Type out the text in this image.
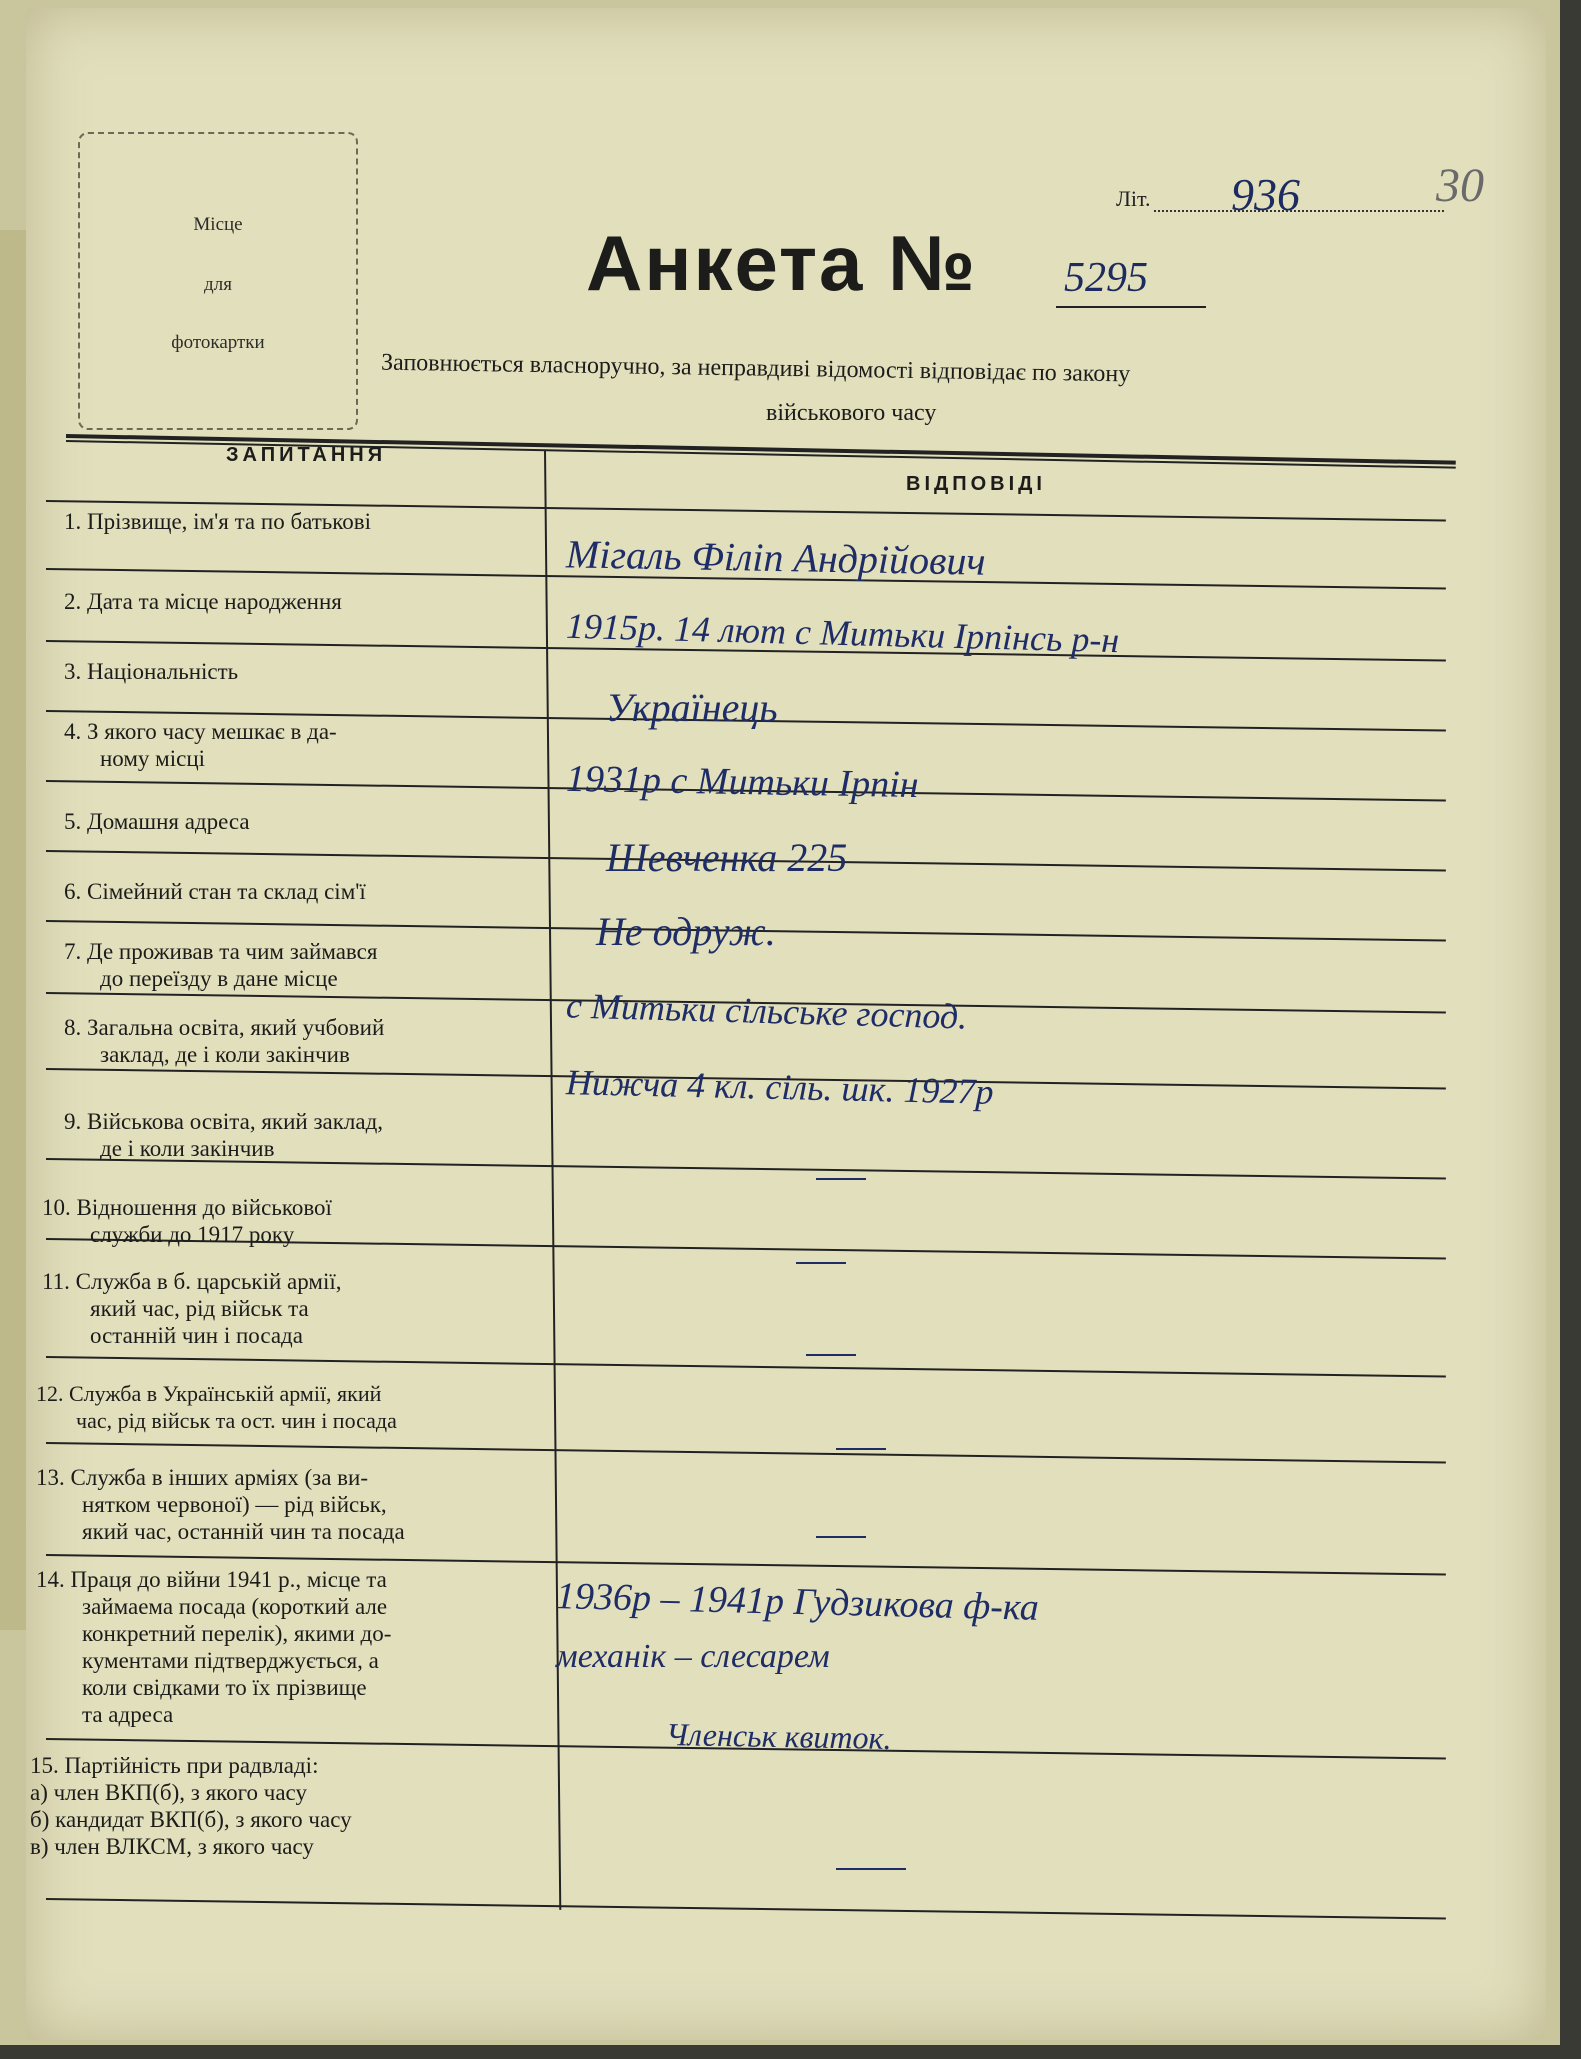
Місце
для
фотокартки
Літ. 936	30
Анкета № 5295
Заповнюється власноручно, за неправдиві відомості відповідає по закону
військового часу
ЗАПИТАННЯ
ВІДПОВІДІ
1. Прізвище, ім'я та по батькові
2. Дата та місце народження
3. Національність
4. З якого часу мешкає в да-
ному місці
5. Домашня адреса
6. Сімейний стан та склад сім'ї
7. Де проживав та чим займався
до переїзду в дане місце
8. Загальна освіта, який учбовий
заклад, де і коли закінчив
9. Військова освіта, який заклад,
де і коли закінчив
10. Відношення до військової
служби до 1917 року
11. Служба в б. царській армії,
який час, рід військ та
останній чин і посада
12. Служба в Українській армії, який
час, рід військ та ост. чин і посада
13. Служба в інших арміях (за ви-
нятком червоної) — рід військ,
який час, останній чин та посада
14. Праця до війни 1941 р., місце та
займаема посада (короткий але
конкретний перелік), якими до-
кументами підтверджується, а
коли свідками то їх прізвище
та адреса
15. Партійність при радвладі:
а) член ВКП(б), з якого часу
б) кандидат ВКП(б), з якого часу
в) член ВЛКСМ, з якого часу
Мігаль Філіп Андрійович
1915р. 14 лют с Митьки Ірпінсь р-н
Українець
1931р с Митьки Ірпін
Шевченка 225
Не одруж.
с Митьки сільське господ.
Нижча 4 кл. сіль. шк. 1927р
1936р – 1941р Гудзикова ф-ка
механік – слесарем
Членськ квиток.
